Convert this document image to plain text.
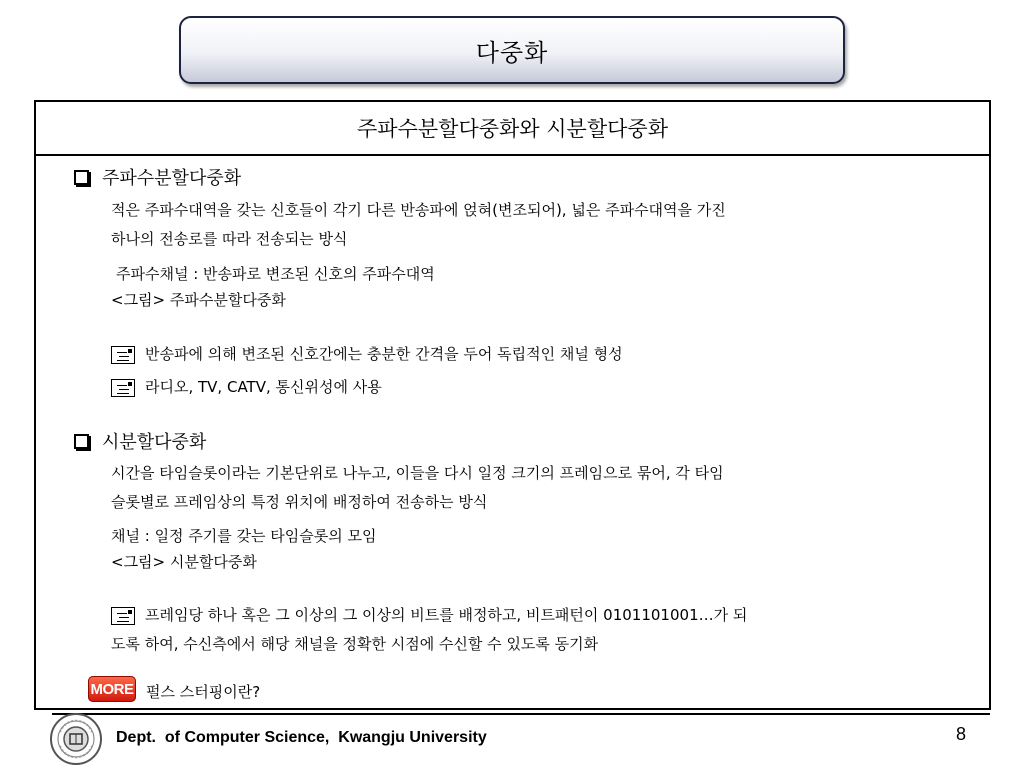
다중화
주파수분할다중화와 시분할다중화
주파수분할다중화
적은 주파수대역을 갖는 신호들이 각기 다른 반송파에 얹혀(변조되어), 넓은 주파수대역을 가진
하나의 전송로를 따라 전송되는 방식
주파수채널 : 반송파로 변조된 신호의 주파수대역
<그림> 주파수분할다중화
반송파에 의해 변조된 신호간에는 충분한 간격을 두어 독립적인 채널 형성
라디오, TV, CATV, 통신위성에 사용
시분할다중화
시간을 타임슬롯이라는 기본단위로 나누고, 이들을 다시 일정 크기의 프레임으로 묶어, 각 타임
슬롯별로 프레임상의 특정 위치에 배정하여 전송하는 방식
채널 : 일정 주기를 갖는 타임슬롯의 모임
<그림> 시분할다중화
프레임당 하나 혹은 그 이상의 그 이상의 비트를 배정하고, 비트패턴이 0101101001…가 되
도록 하여, 수신측에서 해당 채널을 정확한 시점에 수신할 수 있도록 동기화
MORE 펄스 스터핑이란?
Dept.  of Computer Science,  Kwangju University	8
